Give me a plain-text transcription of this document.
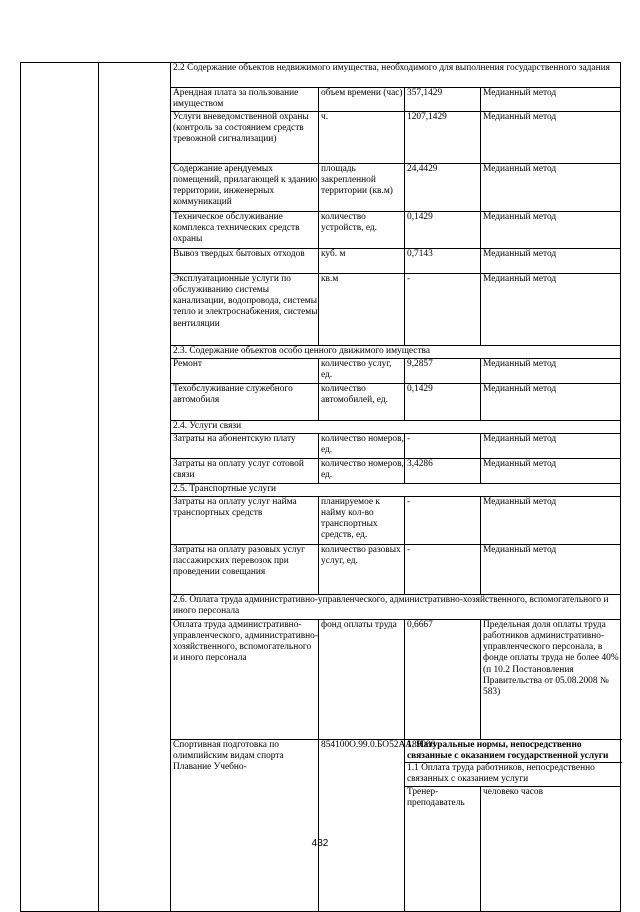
		2.2 Содержание объектов недвижимого имущества, необходимого для выполнения государственного задания				
		Арендная плата за пользование имуществом	объем времени (час)	357,1429	Медианный метод	
		Услуги вневедомственной охраны (контроль за состоянием средств тревожной сигнализации)	ч.	1207,1429	Медианный метод	
		Содержание арендуемых помещений, прилагающей к зданию территории, инженерных коммуникаций	площадь закрепленной территории (кв.м)	24,4429	Медианный метод	
		Техническое обслуживание комплекса технических средств охраны	количество устройств, ед.	0,1429	Медианный метод	
		Вывоз твердых бытовых отходов	куб. м	0,7143	Медианный метод	
		Эксплуатационные услуги по обслуживанию системы канализации, водопровода, системы тепло и электроснабжения, системы вентиляции	кв.м	-	Медианный метод	
		2.3. Содержание объектов особо ценного движимого имущества				
		Ремонт	количество услуг, ед.	9,2857	Медианный метод	
		Техобслуживание служебного автомобиля	количество автомобилей, ед.	0,1429	Медианный метод	
		2.4. Услуги связи				
		Затраты на абонентскую плату	количество номеров, ед.	-	Медианный метод	
		Затраты на оплату услуг сотовой связи	количество номеров, ед.	3,4286	Медианный метод	
		2.5. Транспортные услуги				
		Затраты на оплату услуг найма транспортных средств	планируемое к найму кол-во транспортных средств, ед.	-	Медианный метод	
		Затраты на оплату разовых услуг пассажирских перевозок при проведении совещания	количество разовых услуг, ед.	-	Медианный метод	
		2.6. Оплата труда административно-управленческого, административно-хозяйственного, вспомогательного и иного персонала				
		Оплата труда административно-управленческого, административно-хозяйственного, вспомогательного и иного персонала	фонд оплаты труда	0,6667	Предельная доля оплаты труда работников административно-управленческого персонала, в фонде оплаты труда не более 40% (п 10.2 Постановления Правительства от 05.08.2008 № 583)	
		Спортивная подготовка по олимпийским видам спорта Плавание Учебно-	854100О.99.0.БО52АА89000	1. Натуральные нормы, непосредственно связанные с оказанием государственной услуги		
				1.1 Оплата труда работников, непосредственно связанных с оказанием услуги		
				Тренер-преподаватель	человеко часов		
432
